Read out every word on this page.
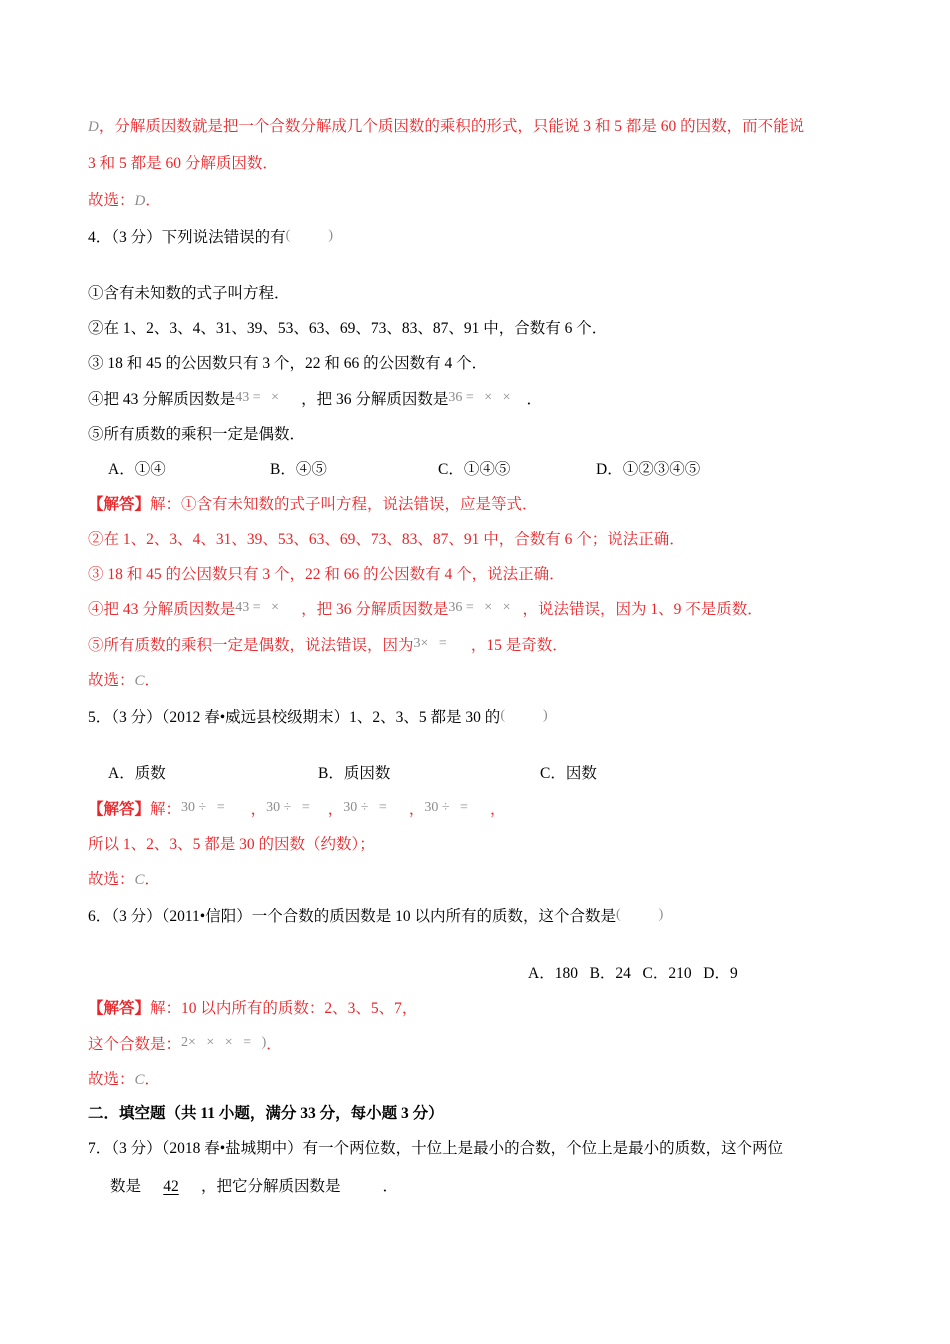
D，分解质因数就是把一个合数分解成几个质因数的乘积的形式，只能说 3 和 5 都是 60 的因数，而不能说
3 和 5 都是 60 分解质因数．
故选：D．
4．（3 分）下列说法错误的有(	)
①含有未知数的式子叫方程．
②在 1、2、3、4、31、39、53、63、69、73、83、87、91 中，合数有 6 个．
③ 18 和 45 的公因数只有 3 个，22 和 66 的公因数有 4 个．
④把 43 分解质因数是43 =   × ，把 36 分解质因数是36 =   ×   × ．
⑤所有质数的乘积一定是偶数．
A．①④	B．④⑤	C．①④⑤	D．①②③④⑤
【解答】解：①含有未知数的式子叫方程，说法错误，应是等式．
②在 1、2、3、4、31、39、53、63、69、73、83、87、91 中，合数有 6 个；说法正确．
③ 18 和 45 的公因数只有 3 个，22 和 66 的公因数有 4 个，说法正确．
④把 43 分解质因数是43 =   × ，把 36 分解质因数是36 =   ×   × ，说法错误，因为 1、9 不是质数．
⑤所有质数的乘积一定是偶数，说法错误，因为3×   = ，15 是奇数．
故选：C．
5．（3 分）（2012 春•威远县校级期末）1、2、3、5 都是 30 的(	)
A．质数	B．质因数	C．因数
【解答】解：30 ÷   = ，30 ÷   = ，30 ÷   = ，30 ÷   = ，
所以 1、2、3、5 都是 30 的因数（约数）；
故选：C．
6．（3 分）（2011•信阳）一个合数的质因数是 10 以内所有的质数，这个合数是(	)
A．180   B．24   C．210   D．9
【解答】解：10 以内所有的质数：2、3、5、7，
这个合数是：2×   ×   ×   =   )．
故选：C．
二．填空题（共 11 小题，满分 33 分，每小题 3 分）
7．（3 分）（2018 春•盐城期中）有一个两位数，十位上是最小的合数，个位上是最小的质数，这个两位
数是 42 ，把它分解质因数是	．
